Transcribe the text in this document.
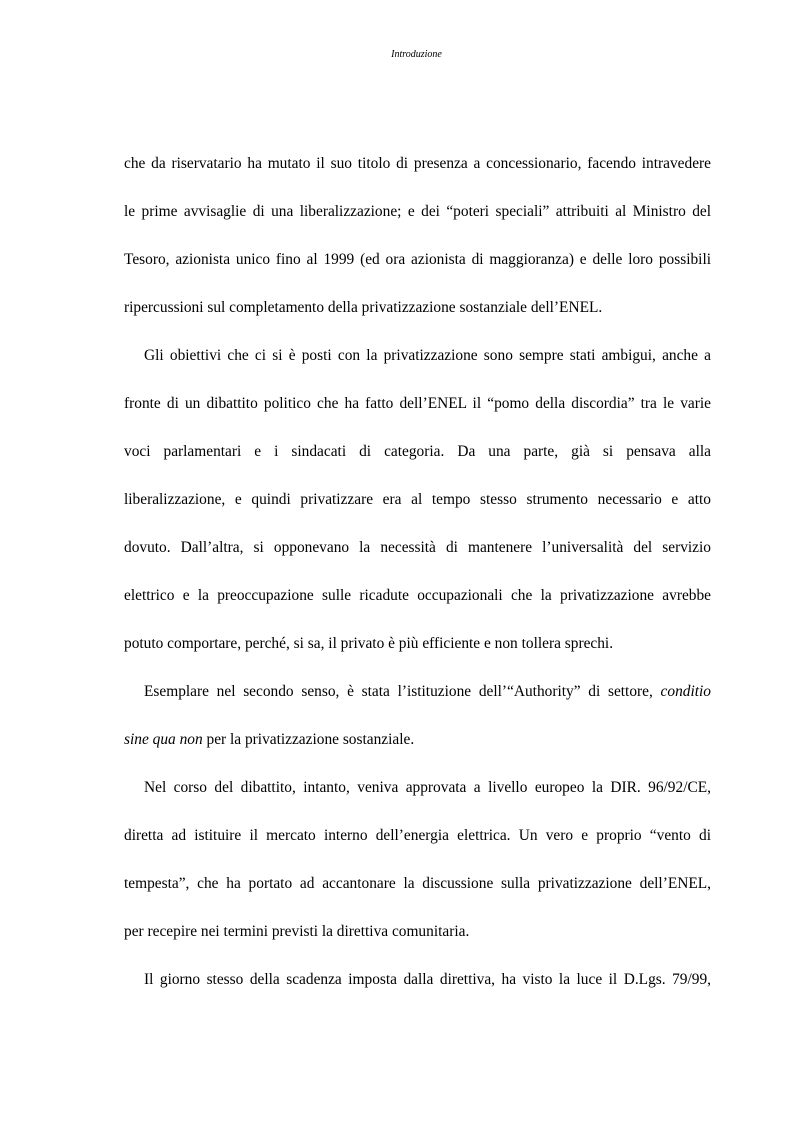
Introduzione
che da riservatario ha mutato il suo titolo di presenza a concessionario, facendo intravedere
le prime avvisaglie di una liberalizzazione; e dei “poteri speciali” attribuiti al Ministro del
Tesoro, azionista unico fino al 1999 (ed ora azionista di maggioranza) e delle loro possibili
ripercussioni sul completamento della privatizzazione sostanziale dell’ENEL.
Gli obiettivi che ci si è posti con la privatizzazione sono sempre stati ambigui, anche a
fronte di un dibattito politico che ha fatto dell’ENEL il “pomo della discordia” tra le varie
voci parlamentari e i sindacati di categoria. Da una parte, già si pensava alla
liberalizzazione, e quindi privatizzare era al tempo stesso strumento necessario e atto
dovuto. Dall’altra, si opponevano la necessità di mantenere l’universalità del servizio
elettrico e la preoccupazione sulle ricadute occupazionali che la privatizzazione avrebbe
potuto comportare, perché, si sa, il privato è più efficiente e non tollera sprechi.
Esemplare nel secondo senso, è stata l’istituzione dell’“Authority” di settore, conditio
sine qua non per la privatizzazione sostanziale.
Nel corso del dibattito, intanto, veniva approvata a livello europeo la DIR. 96/92/CE,
diretta ad istituire il mercato interno dell’energia elettrica. Un vero e proprio “vento di
tempesta”, che ha portato ad accantonare la discussione sulla privatizzazione dell’ENEL,
per recepire nei termini previsti la direttiva comunitaria.
Il giorno stesso della scadenza imposta dalla direttiva, ha visto la luce il D.Lgs. 79/99,
